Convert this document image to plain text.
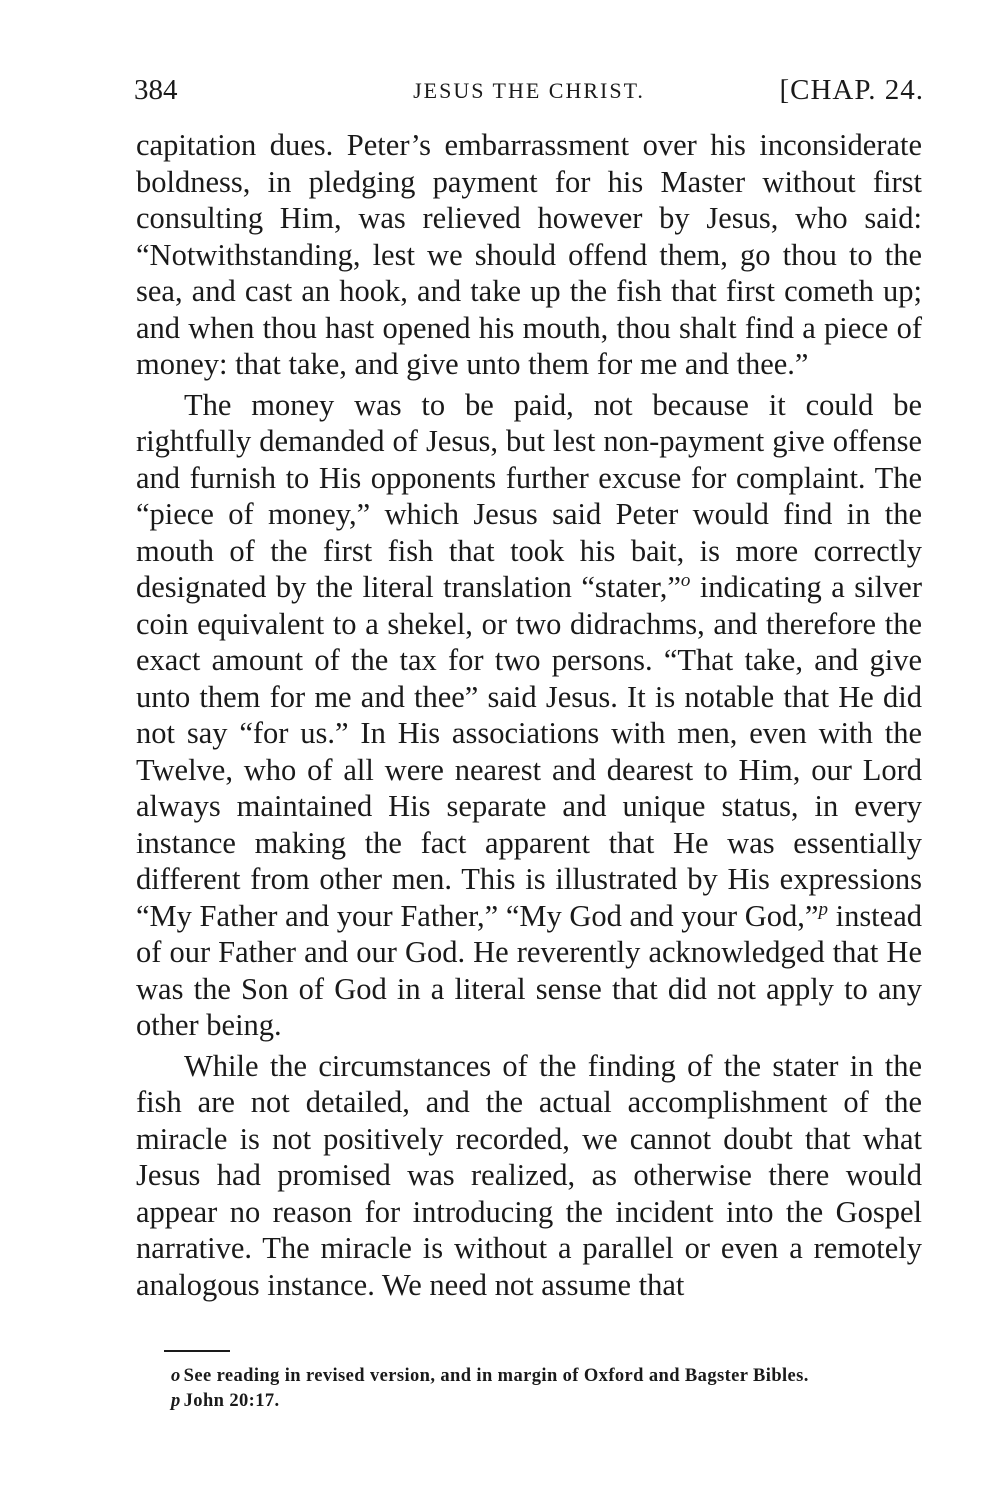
384	JESUS THE CHRIST.	[CHAP. 24.

capitation dues. Peter’s embarrassment over his inconsiderate boldness, in pledging payment for his Master without first consulting Him, was relieved however by Jesus, who said: “Notwithstanding, lest we should offend them, go thou to the sea, and cast an hook, and take up the fish that first cometh up; and when thou hast opened his mouth, thou shalt find a piece of money: that take, and give unto them for me and thee.”

The money was to be paid, not because it could be rightfully demanded of Jesus, but lest non-payment give offense and furnish to His opponents further excuse for complaint. The “piece of money,” which Jesus said Peter would find in the mouth of the first fish that took his bait, is more correctly designated by the literal translation “stater,”$^o$ indicating a silver coin equivalent to a shekel, or two didrachms, and therefore the exact amount of the tax for two persons. “That take, and give unto them for me and thee” said Jesus. It is notable that He did not say “for us.” In His associations with men, even with the Twelve, who of all were nearest and dearest to Him, our Lord always maintained His separate and unique status, in every instance making the fact apparent that He was essentially different from other men. This is illustrated by His expressions “My Father and your Father,” “My God and your God,”$^p$ instead of our Father and our God. He reverently acknowledged that He was the Son of God in a literal sense that did not apply to any other being.

While the circumstances of the finding of the stater in the fish are not detailed, and the actual accomplishment of the miracle is not positively recorded, we cannot doubt that what Jesus had promised was realized, as otherwise there would appear no reason for introducing the incident into the Gospel narrative. The miracle is without a parallel or even a remotely analogous instance. We need not assume that

o See reading in revised version, and in margin of Oxford and Bagster Bibles.

p John 20:17.
